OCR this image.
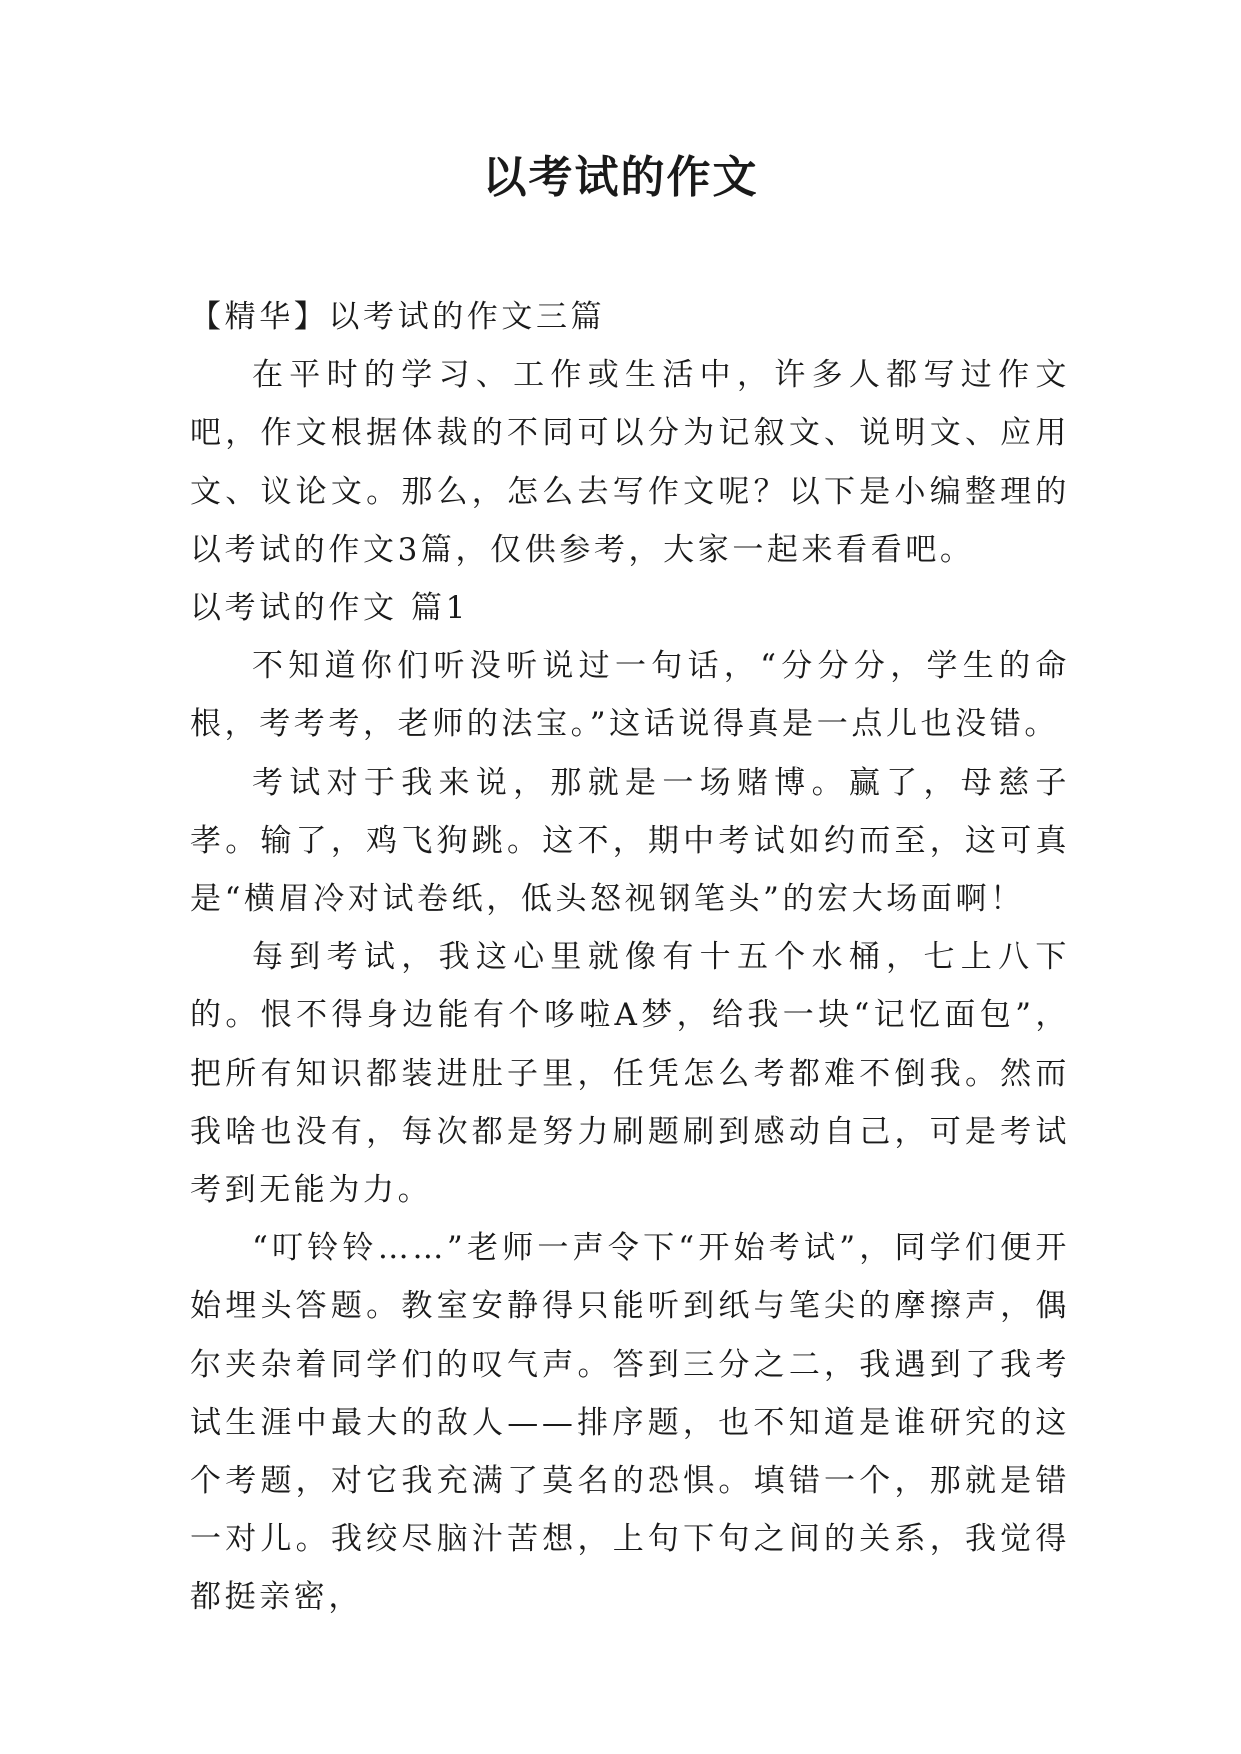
以考试的作文

【精华】以考试的作文三篇

在平时的学习、工作或生活中，许多人都写过作文吧，作文根据体裁的不同可以分为记叙文、说明文、应用文、议论文。那么，怎么去写作文呢？以下是小编整理的以考试的作文3篇，仅供参考，大家一起来看看吧。

以考试的作文 篇1

不知道你们听没听说过一句话，“分分分，学生的命根，考考考，老师的法宝。”这话说得真是一点儿也没错。

考试对于我来说，那就是一场赌博。赢了，母慈子孝。输了，鸡飞狗跳。这不，期中考试如约而至，这可真是“横眉冷对试卷纸，低头怒视钢笔头”的宏大场面啊！

每到考试，我这心里就像有十五个水桶，七上八下的。恨不得身边能有个哆啦A梦，给我一块“记忆面包”，把所有知识都装进肚子里，任凭怎么考都难不倒我。然而我啥也没有，每次都是努力刷题刷到感动自己，可是考试考到无能为力。

“叮铃铃……”老师一声令下“开始考试”，同学们便开始埋头答题。教室安静得只能听到纸与笔尖的摩擦声，偶尔夹杂着同学们的叹气声。答到三分之二，我遇到了我考试生涯中最大的敌人——排序题，也不知道是谁研究的这个考题，对它我充满了莫名的恐惧。填错一个，那就是错一对儿。我绞尽脑汁苦想，上句下句之间的关系，我觉得都挺亲密，
